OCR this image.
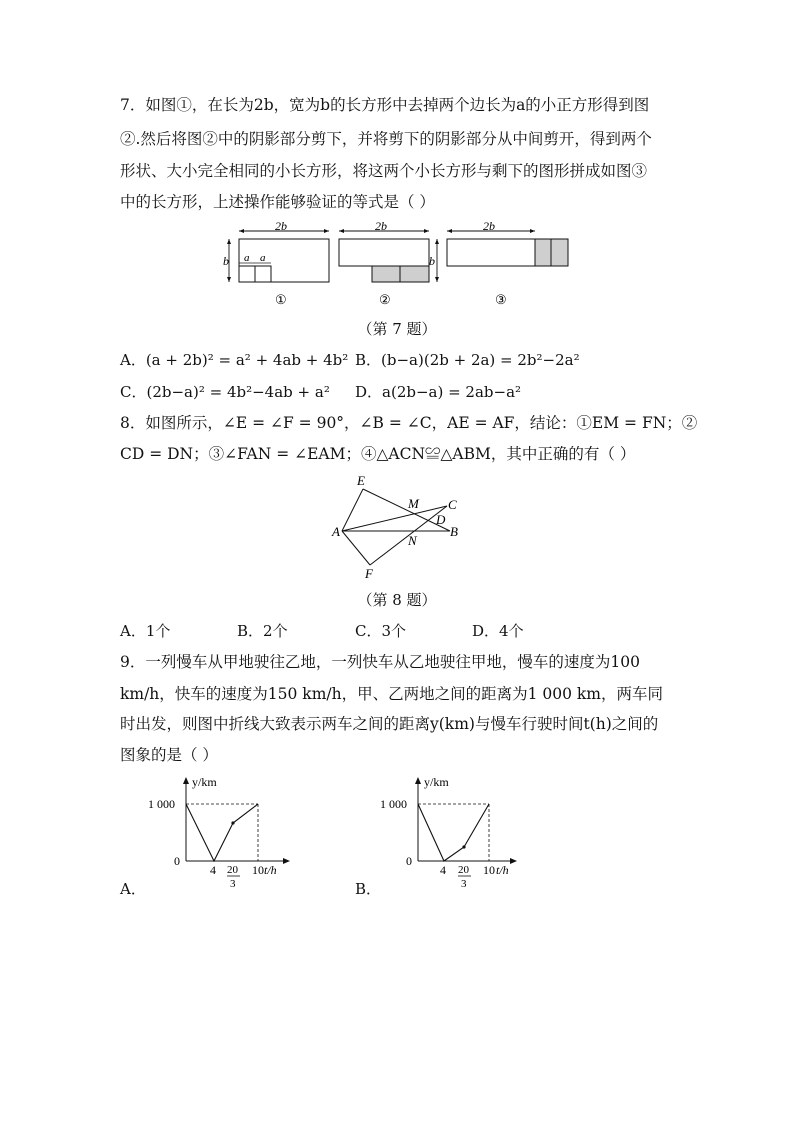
7．如图①，在长为2b，宽为b的长方形中去掉两个边长为a的小正方形得到图
②.然后将图②中的阴影部分剪下，并将剪下的阴影部分从中间剪开，得到两个
形状、大小完全相同的小长方形，将这两个小长方形与剩下的图形拼成如图③
中的长方形，上述操作能够验证的等式是（ ）
2b
b a a
①
2b
b
②
2b
③
（第 7 题）
A．(a + 2b)² = a² + 4ab + 4b² B．(b−a)(2b + 2a) = 2b²−2a²
C．(2b−a)² = 4b²−4ab + a² D．a(2b−a) = 2ab−a²
8．如图所示，∠E = ∠F = 90°，∠B = ∠C，AE = AF，结论：①EM = FN；②
CD = DN；③∠FAN = ∠EAM；④△ACN≌△ABM，其中正确的有（ ）
E
M C
D
A	B
N
F
（第 8 题）
A．1个	B．2个	C．3个	D．4个
9．一列慢车从甲地驶往乙地，一列快车从乙地驶往甲地，慢车的速度为100
km/h，快车的速度为150 km/h，甲、乙两地之间的距离为1 000 km，两车同
时出发，则图中折线大致表示两车之间的距离y(km)与慢车行驶时间t(h)之间的
图象的是（ ）
y/km
t/h
1 000
0
4 20
3
10
A．
y/km
t/h
1 000
0
4 20
3
10
B．
